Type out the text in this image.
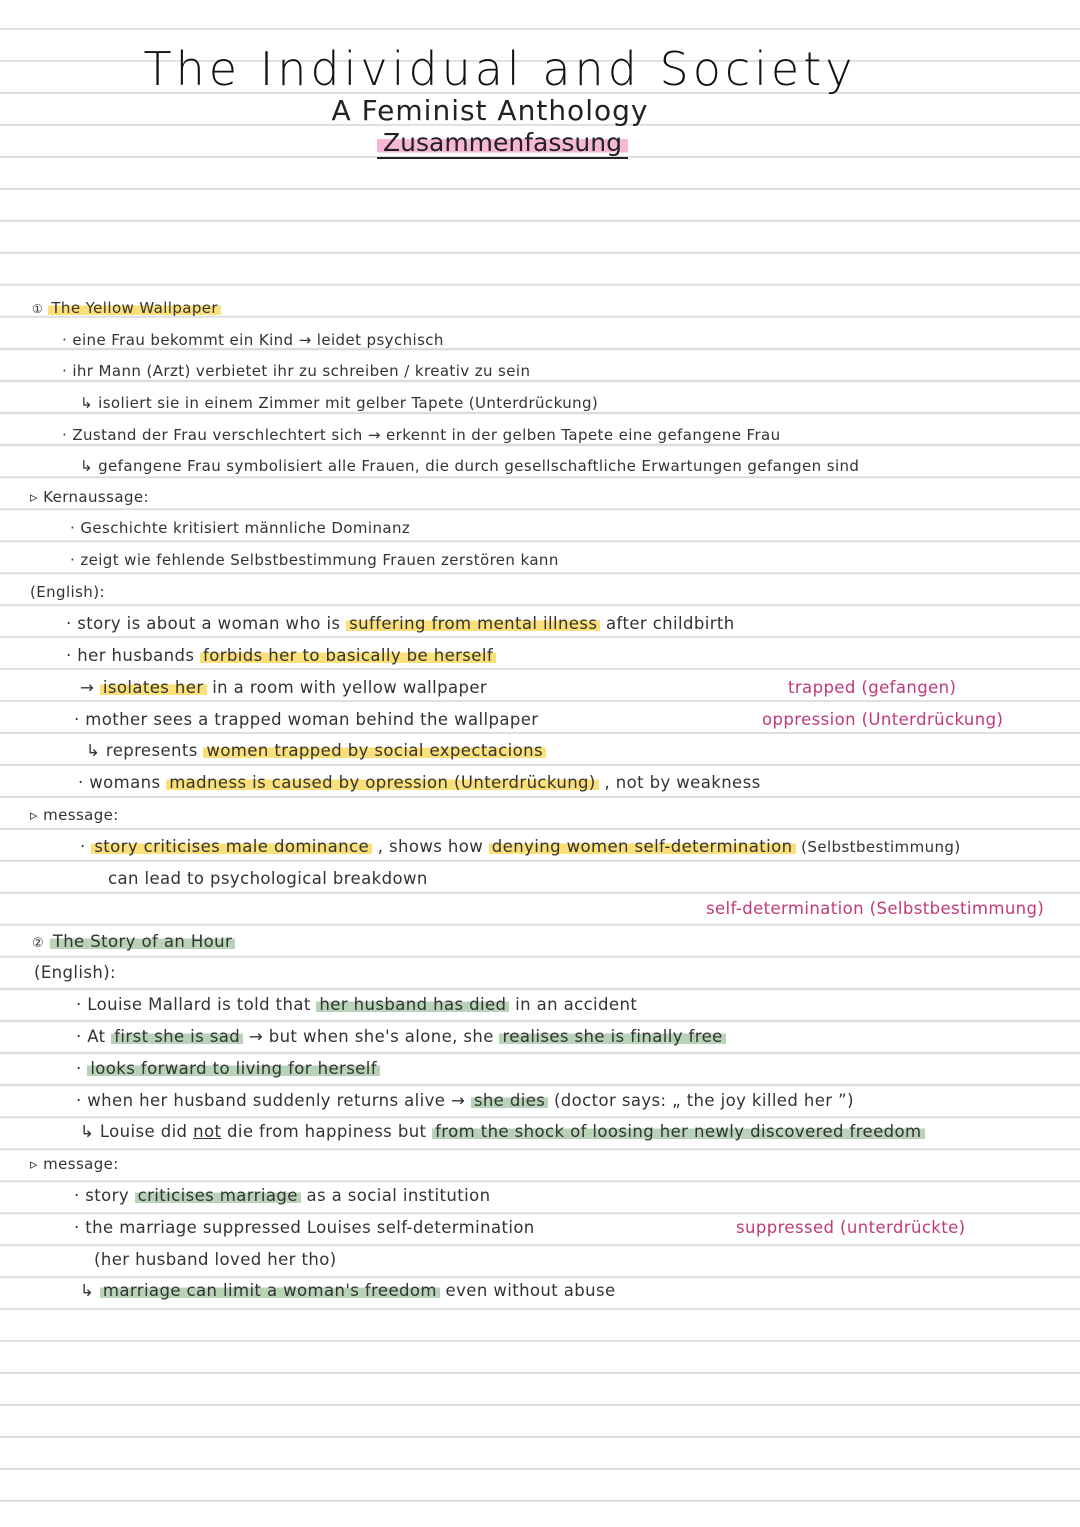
The Individual and Society
A Feminist Anthology
Zusammenfassung
① The Yellow Wallpaper
· eine Frau bekommt ein Kind → leidet psychisch
· ihr Mann (Arzt) verbietet ihr zu schreiben / kreativ zu sein
↳ isoliert sie in einem Zimmer mit gelber Tapete (Unterdrückung)
· Zustand der Frau verschlechtert sich → erkennt in der gelben Tapete eine gefangene Frau
↳ gefangene Frau symbolisiert alle Frauen, die durch gesellschaftliche Erwartungen gefangen sind
▹ Kernaussage:
· Geschichte kritisiert männliche Dominanz
· zeigt wie fehlende Selbstbestimmung Frauen zerstören kann
(English):
· story is about a woman who is suffering from mental illness after childbirth
· her husbands forbids her to basically be herself
→ isolates her in a room with yellow wallpaper
· mother sees a trapped woman behind the wallpaper
↳ represents women trapped by social expectacions
· womans madness is caused by opression (Unterdrückung) , not by weakness
trapped (gefangen)
oppression (Unterdrückung)
▹ message:
· story criticises male dominance , shows how denying women self-determination (Selbstbestimmung)
can lead to psychological breakdown
self-determination (Selbstbestimmung)
② The Story of an Hour
(English):
· Louise Mallard is told that her husband has died in an accident
· At first she is sad → but when she's alone, she realises she is finally free
· looks forward to living for herself
· when her husband suddenly returns alive → she dies (doctor says: „ the joy killed her ”)
↳ Louise did not die from happiness but from the shock of loosing her newly discovered freedom
▹ message:
· story criticises marriage as a social institution
· the marriage suppressed Louises self-determination
(her husband loved her tho)
↳ marriage can limit a woman's freedom even without abuse
suppressed (unterdrückte)
